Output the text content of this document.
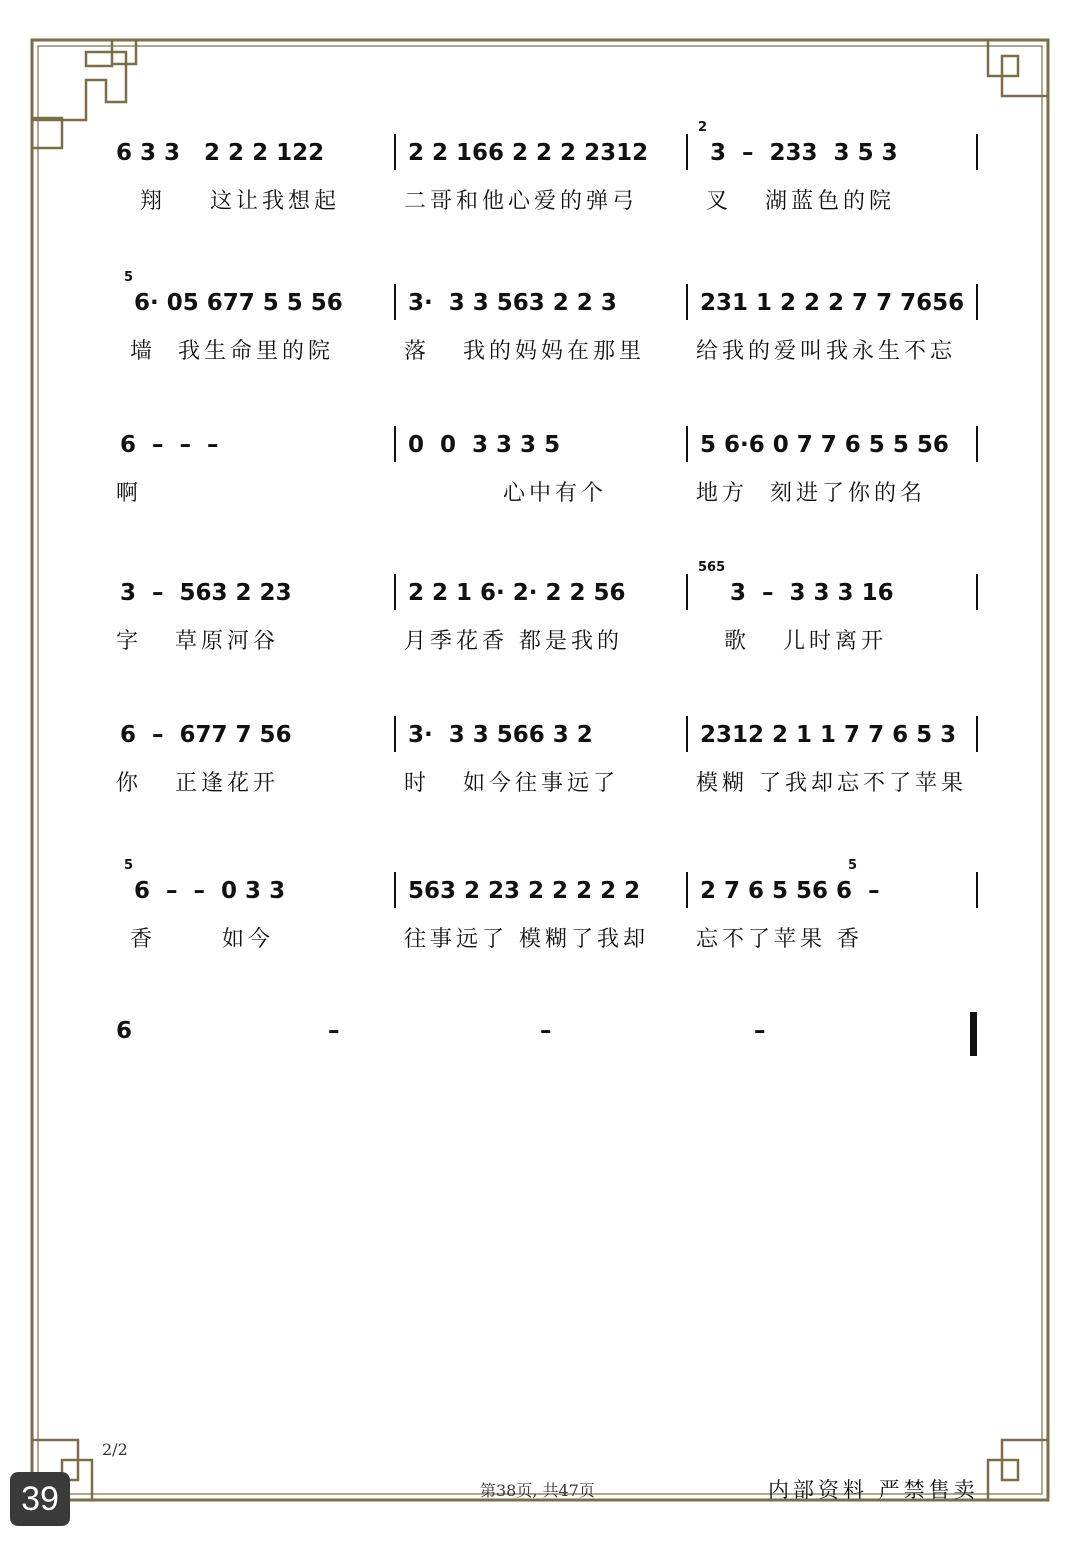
6 3 3   2 2 2 122

	2 2 166 2 2 2 2312

2

3  –  233  3 5 3

翔    这让我想起	二哥和他心爱的弹弓	叉   湖蓝色的院

5

6· 05 677 5 5 56

	3·  3 3 563 2 2 3

	231 1 2 2 2 7 7 7656

墙  我生命里的院	落   我的妈妈在那里 给我的爱叫我永生不忘

6  –  –  –

	0  0  3 3 3 5

	5 6·6 0 7 7 6 5 5 56

啊	心中有个	地方  刻进了你的名

3  –  563 2 23

	2 2 1 6· 2· 2 2 56

565

3  –  3 3 3 16

字   草原河谷	月季花香 都是我的	歌   儿时离开

6  –  677 7 56

	3·  3 3 566 3 2

	2312 2 1 1 7 7 6 5 3

你   正逢花开	时   如今往事远了	模糊 了我却忘不了苹果

5

6  –  –  0 3 3

	563 2 23 2 2 2 2 2

5

2 7 6 5 56 6  –

香      如今	往事远了 模糊了我却 忘不了苹果 香

6

	–

	–

	–

2/2
第38页, 共47页	内部资料 严禁售卖
39
